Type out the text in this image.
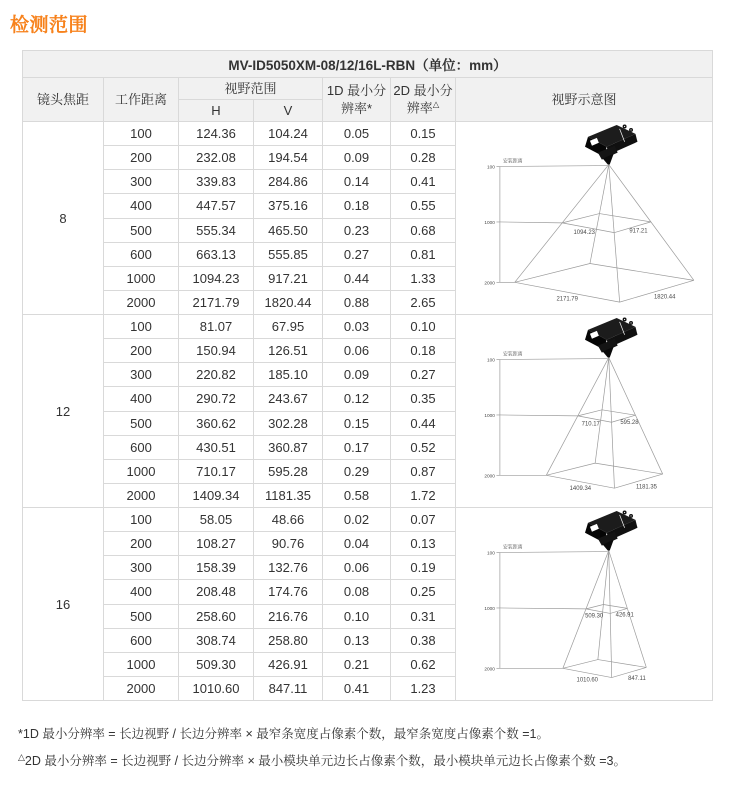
检测范围
MV-ID5050XM-08/12/16L-RBN（单位：mm）						
镜头焦距	工作距离	视野范围		1D 最小分辨率*	2D 最小分辨率△	视野示意图
		H	V			
8	100	124.36	104.24	0.05	0.15	
安装距离
100
1000
2000
1094.23	917.21
2171.79	1820.44

	200	232.08	194.54	0.09	0.28	
	300	339.83	284.86	0.14	0.41	
	400	447.57	375.16	0.18	0.55	
	500	555.34	465.50	0.23	0.68	
	600	663.13	555.85	0.27	0.81	
	1000	1094.23	917.21	0.44	1.33	
	2000	2171.79	1820.44	0.88	2.65	
12	100	81.07	67.95	0.03	0.10	
安装距离
100
1000
2000
710.17	595.28
1409.34	1181.35

	200	150.94	126.51	0.06	0.18	
	300	220.82	185.10	0.09	0.27	
	400	290.72	243.67	0.12	0.35	
	500	360.62	302.28	0.15	0.44	
	600	430.51	360.87	0.17	0.52	
	1000	710.17	595.28	0.29	0.87	
	2000	1409.34	1181.35	0.58	1.72	
16	100	58.05	48.66	0.02	0.07	
安装距离
100
1000
2000
509.30 426.91
1010.60	847.11

	200	108.27	90.76	0.04	0.13	
	300	158.39	132.76	0.06	0.19	
	400	208.48	174.76	0.08	0.25	
	500	258.60	216.76	0.10	0.31	
	600	308.74	258.80	0.13	0.38	
	1000	509.30	426.91	0.21	0.62	
	2000	1010.60	847.11	0.41	1.23	

*1D 最小分辨率 = 长边视野 / 长边分辨率 × 最窄条宽度占像素个数，最窄条宽度占像素个数 =1。

△2D 最小分辨率 = 长边视野 / 长边分辨率 × 最小模块单元边长占像素个数，最小模块单元边长占像素个数 =3。
